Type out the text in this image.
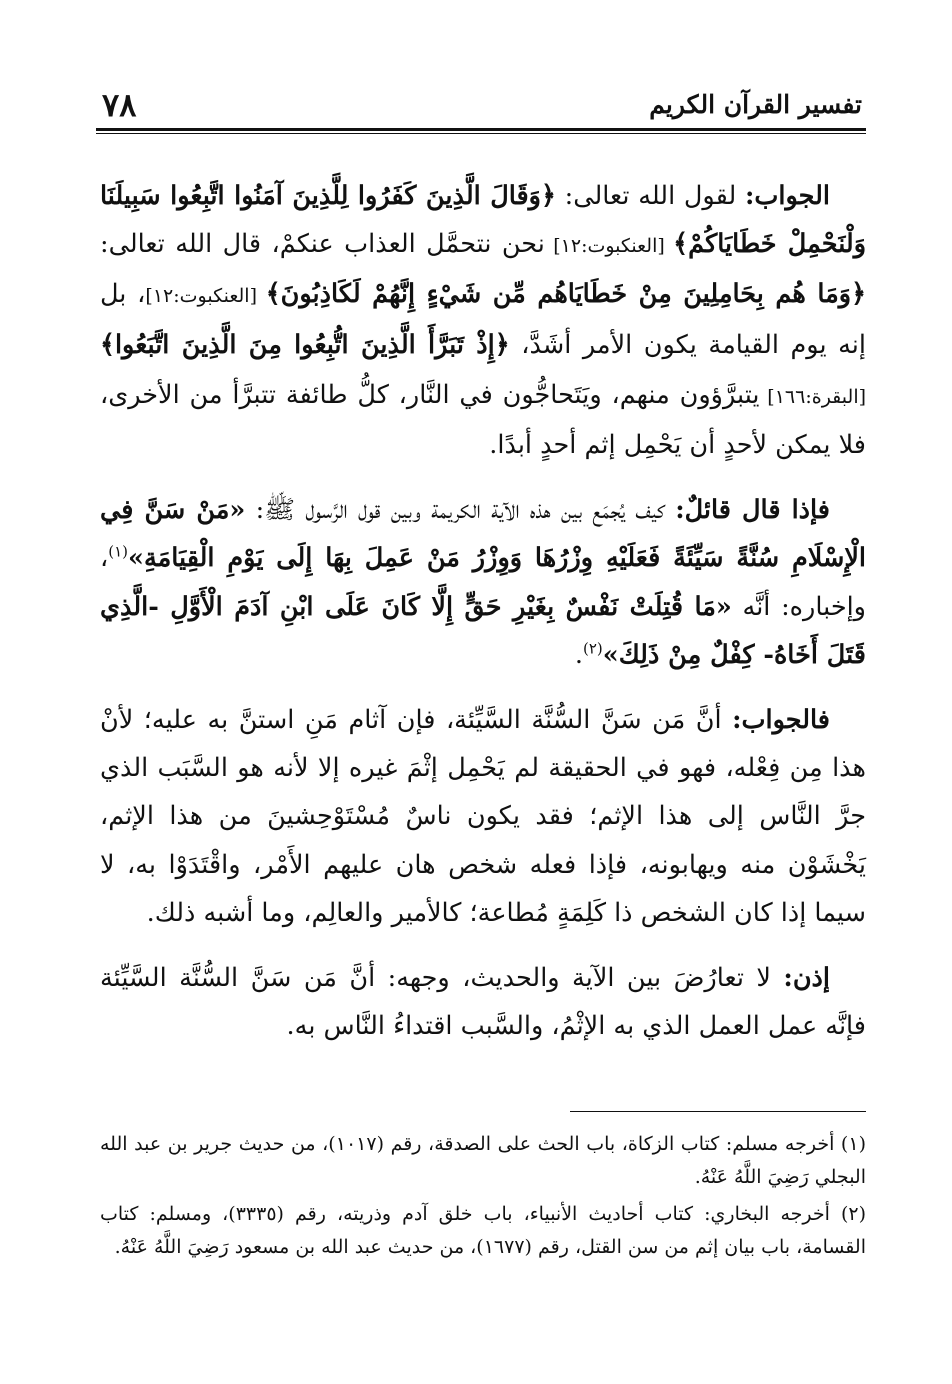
تفسير القرآن الكريم
٧٨

الجواب: لقول الله تعالى: ﴿وَقَالَ الَّذِينَ كَفَرُوا لِلَّذِينَ آمَنُوا اتَّبِعُوا سَبِيلَنَا وَلْنَحْمِلْ خَطَايَاكُمْ﴾ [العنكبوت:١٢] نحن نتحمَّل العذاب عنكمْ، قال الله تعالى: ﴿وَمَا هُم بِحَامِلِينَ مِنْ خَطَايَاهُم مِّن شَيْءٍ إِنَّهُمْ لَكَاذِبُونَ﴾ [العنكبوت:١٢]، بل إنه يوم القيامة يكون الأمر أشَدَّ، ﴿إِذْ تَبَرَّأَ الَّذِينَ اتُّبِعُوا مِنَ الَّذِينَ اتَّبَعُوا﴾ [البقرة:١٦٦] يتبرَّؤون منهم، ويَتَحاجُّون في النَّار، كلُّ طائفة تتبرَّأ من الأخرى، فلا يمكن لأحدٍ أن يَحْمِل إثم أحدٍ أبدًا.

فإذا قال قائلٌ: كيف يُجمَع بين هذه الآية الكريمة وبين قول الرَّسول ﷺ: «مَنْ سَنَّ فِي الْإِسْلَامِ سُنَّةً سَيِّئَةً فَعَلَيْهِ وِزْرُهَا وَوِزْرُ مَنْ عَمِلَ بِهَا إِلَى يَوْمِ الْقِيَامَةِ»$^{(١)}$، وإخباره: أنَّه «مَا قُتِلَتْ نَفْسٌ بِغَيْرِ حَقٍّ إِلَّا كَانَ عَلَى ابْنِ آدَمَ الْأَوَّلِ -الَّذِي قَتَلَ أَخَاهُ- كِفْلٌ مِنْ ذَلِكَ»$^{(٢)}$.

فالجواب: أنَّ مَن سَنَّ السُّنَّة السَّيِّئة، فإن آثام مَنِ استنَّ به عليه؛ لأنْ هذا مِن فِعْله، فهو في الحقيقة لم يَحْمِل إثْمَ غيره إلا لأنه هو السَّبَب الذي جرَّ النَّاس إلى هذا الإثم؛ فقد يكون ناسٌ مُسْتَوْحِشينَ من هذا الإثم، يَخْشَوْن منه ويهابونه، فإذا فعله شخص هان عليهم الأَمْر، واقْتَدَوْا به، لا سيما إذا كان الشخص ذا كَلِمَةٍ مُطاعة؛ كالأمير والعالِم، وما أشبه ذلك.

إذن: لا تعارُضَ بين الآية والحديث، وجهه: أنَّ مَن سَنَّ السُّنَّة السَّيِّئة فإنَّه عمل العمل الذي به الإثْمُ، والسَّبب اقتداءُ النَّاس به.

(١) أخرجه مسلم: كتاب الزكاة، باب الحث على الصدقة، رقم (١٠١٧)، من حديث جرير بن عبد الله البجلي رَضِيَ اللَّهُ عَنْهُ.

(٢) أخرجه البخاري: كتاب أحاديث الأنبياء، باب خلق آدم وذريته، رقم (٣٣٣٥)، ومسلم: كتاب القسامة، باب بيان إثم من سن القتل، رقم (١٦٧٧)، من حديث عبد الله بن مسعود رَضِيَ اللَّهُ عَنْهُ.
